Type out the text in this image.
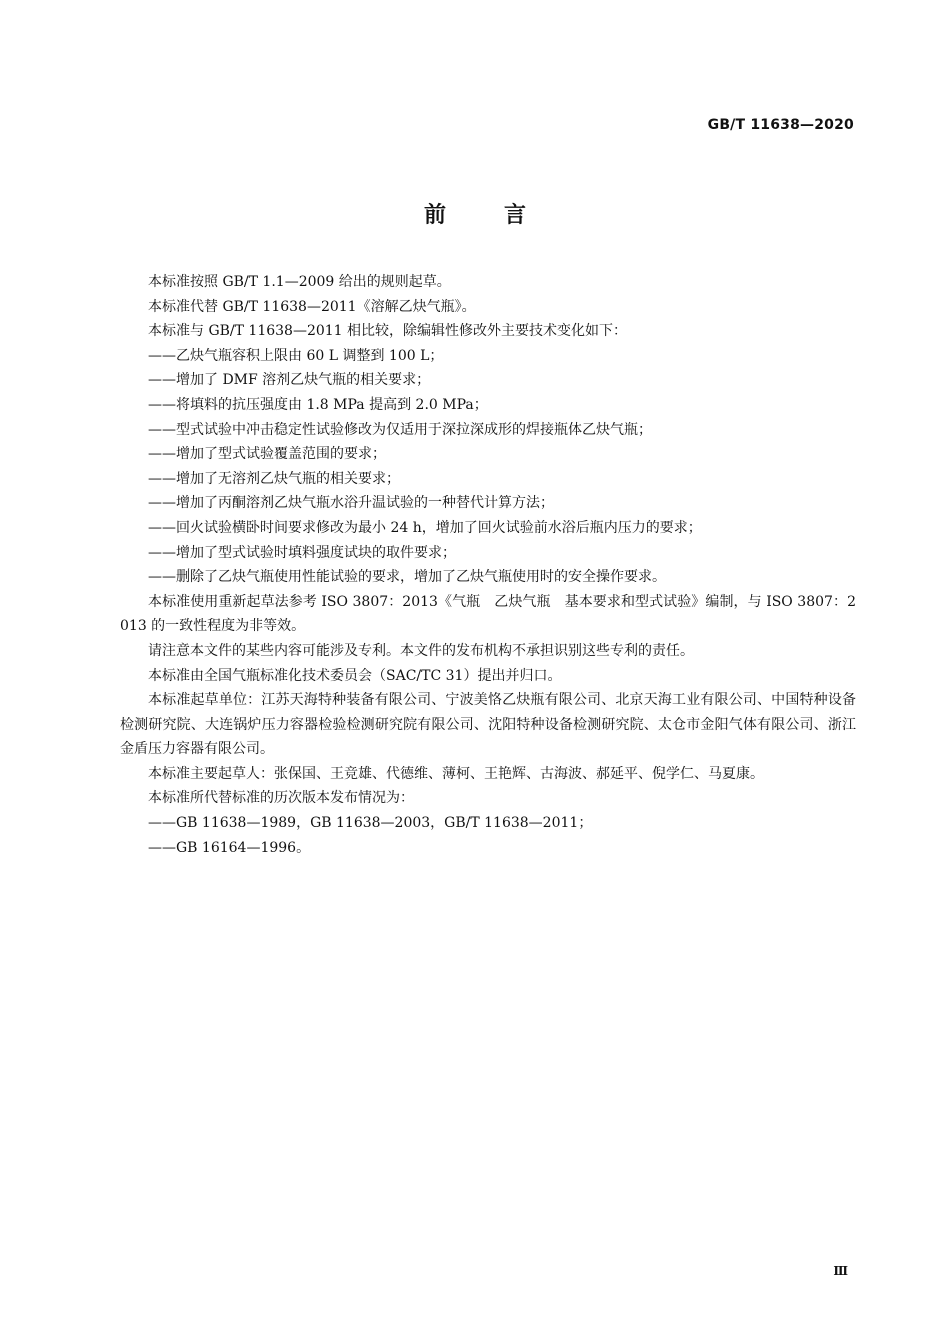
GB/T 11638—2020
前言

本标准按照 GB/T 1.1—2009 给出的规则起草。

本标准代替 GB/T 11638—2011《溶解乙炔气瓶》。

本标准与 GB/T 11638—2011 相比较，除编辑性修改外主要技术变化如下：

——乙炔气瓶容积上限由 60 L 调整到 100 L；

——增加了 DMF 溶剂乙炔气瓶的相关要求；

——将填料的抗压强度由 1.8 MPa 提高到 2.0 MPa；

——型式试验中冲击稳定性试验修改为仅适用于深拉深成形的焊接瓶体乙炔气瓶；

——增加了型式试验覆盖范围的要求；

——增加了无溶剂乙炔气瓶的相关要求；

——增加了丙酮溶剂乙炔气瓶水浴升温试验的一种替代计算方法；

——回火试验横卧时间要求修改为最小 24 h，增加了回火试验前水浴后瓶内压力的要求；

——增加了型式试验时填料强度试块的取件要求；

——删除了乙炔气瓶使用性能试验的要求，增加了乙炔气瓶使用时的安全操作要求。

本标准使用重新起草法参考 ISO 3807：2013《气瓶　乙炔气瓶　基本要求和型式试验》编制，与 ISO 3807：2013 的一致性程度为非等效。

请注意本文件的某些内容可能涉及专利。本文件的发布机构不承担识别这些专利的责任。

本标准由全国气瓶标准化技术委员会（SAC/TC 31）提出并归口。

本标准起草单位：江苏天海特种装备有限公司、宁波美恪乙炔瓶有限公司、北京天海工业有限公司、中国特种设备检测研究院、大连锅炉压力容器检验检测研究院有限公司、沈阳特种设备检测研究院、太仓市金阳气体有限公司、浙江金盾压力容器有限公司。

本标准主要起草人：张保国、王竞雄、代德维、薄柯、王艳辉、古海波、郝延平、倪学仁、马夏康。

本标准所代替标准的历次版本发布情况为：

——GB 11638—1989，GB 11638—2003，GB/T 11638—2011；

——GB 16164—1996。

Ⅲ
